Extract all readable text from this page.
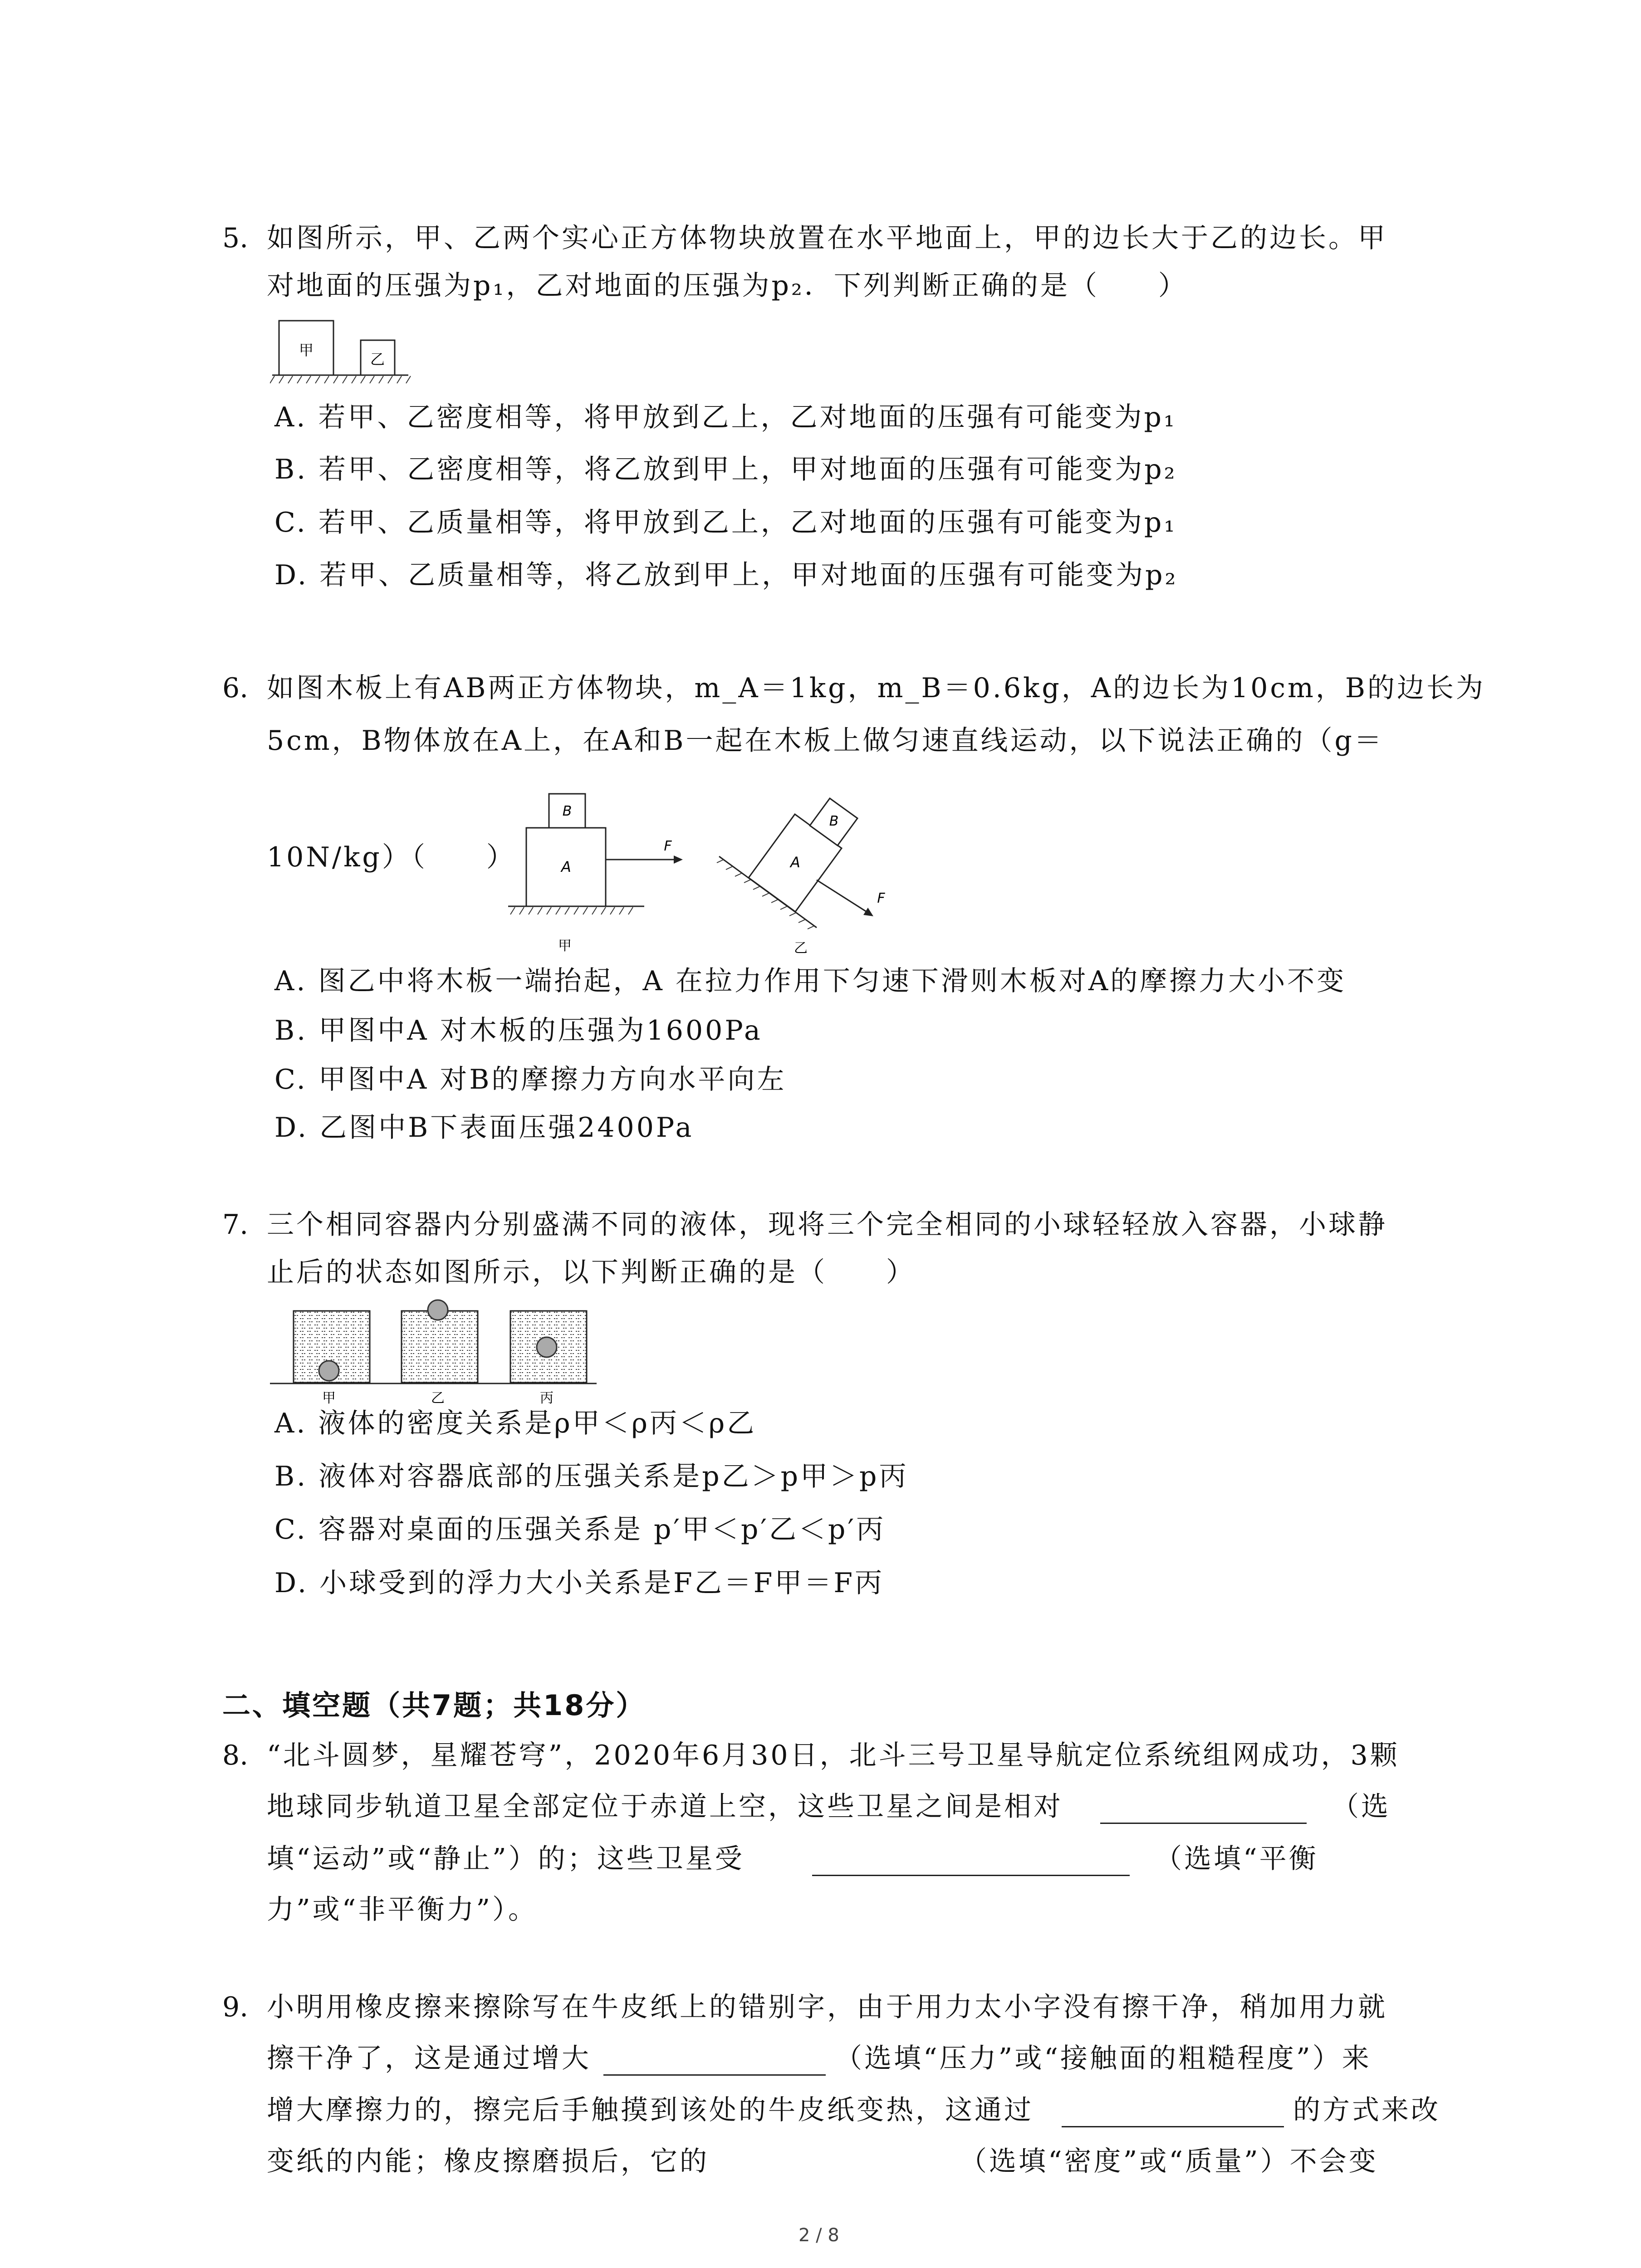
5. 如图所示，甲、乙两个实心正方体物块放置在水平地面上，甲的边长大于乙的边长。甲
对地面的压强为p₁，乙对地面的压强为p₂．下列判断正确的是（　　）
甲
乙
A. 若甲、乙密度相等，将甲放到乙上，乙对地面的压强有可能变为p₁
B. 若甲、乙密度相等，将乙放到甲上，甲对地面的压强有可能变为p₂
C. 若甲、乙质量相等，将甲放到乙上，乙对地面的压强有可能变为p₁
D. 若甲、乙质量相等，将乙放到甲上，甲对地面的压强有可能变为p₂
6. 如图木板上有AB两正方体物块，m_A＝1kg，m_B＝0.6kg，A的边长为10cm，B的边长为
5cm，B物体放在A上，在A和B一起在木板上做匀速直线运动，以下说法正确的（g＝
10N/kg）（　　）	A
B
F
甲
A
B
F
乙
A. 图乙中将木板一端抬起，A 在拉力作用下匀速下滑则木板对A的摩擦力大小不变
B. 甲图中A 对木板的压强为1600Pa
C. 甲图中A 对B的摩擦力方向水平向左
D. 乙图中B下表面压强2400Pa
7. 三个相同容器内分别盛满不同的液体，现将三个完全相同的小球轻轻放入容器，小球静
止后的状态如图所示，以下判断正确的是（　　）
甲	乙	丙
A. 液体的密度关系是ρ甲＜ρ丙＜ρ乙
B. 液体对容器底部的压强关系是p乙＞p甲＞p丙
C. 容器对桌面的压强关系是 p′甲＜p′乙＜p′丙
D. 小球受到的浮力大小关系是F乙＝F甲＝F丙
二、填空题（共7题；共18分）
8. “北斗圆梦，星耀苍穹”，2020年6月30日，北斗三号卫星导航定位系统组网成功，3颗
地球同步轨道卫星全部定位于赤道上空，这些卫星之间是相对	（选
填“运动”或“静止”）的；这些卫星受	（选填“平衡
力”或“非平衡力”）。
9. 小明用橡皮擦来擦除写在牛皮纸上的错别字，由于用力太小字没有擦干净，稍加用力就
擦干净了，这是通过增大	（选填“压力”或“接触面的粗糙程度”）来
增大摩擦力的，擦完后手触摸到该处的牛皮纸变热，这通过	的方式来改
变纸的内能；橡皮擦磨损后，它的	（选填“密度”或“质量”）不会变
2 / 8
